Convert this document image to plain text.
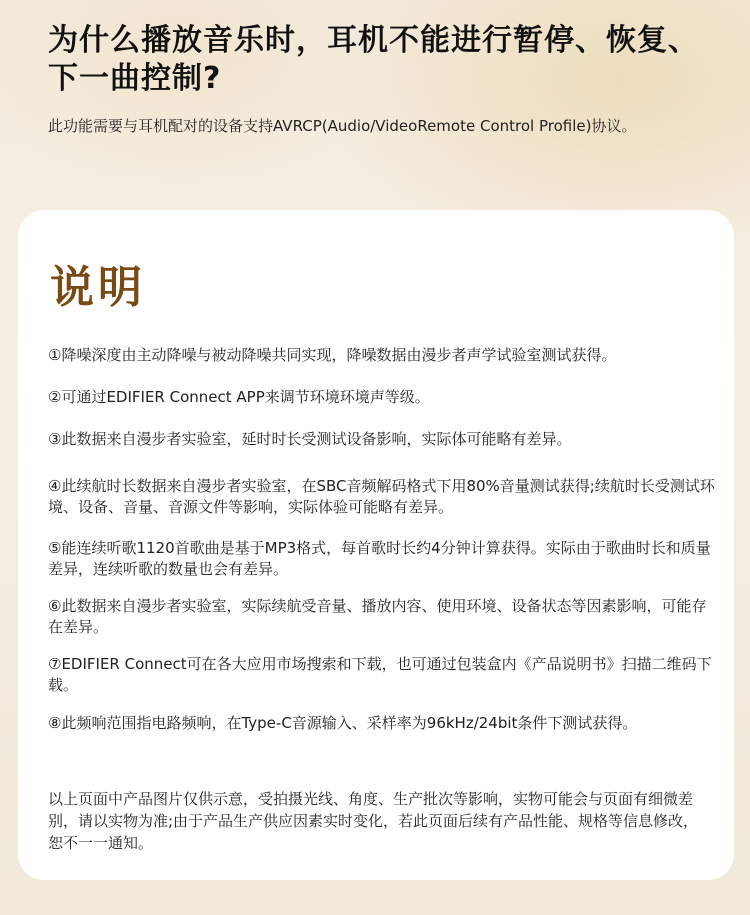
为什么播放音乐时，耳机不能进行暂停、恢复、下一曲控制?
此功能需要与耳机配对的设备支持AVRCP(Audio/VideoRemote Control Profile)协议。
说明
①降噪深度由主动降噪与被动降噪共同实现，降噪数据由漫步者声学试验室测试获得。
②可通过EDIFIER Connect APP来调节环境环境声等级。
③此数据来自漫步者实验室，延时时长受测试设备影响，实际体可能略有差异。
④此续航时长数据来自漫步者实验室，在SBC音频解码格式下用80%音量测试获得;续航时长受测试环境、设备、音量、音源文件等影响，实际体验可能略有差异。
⑤能连续听歌1120首歌曲是基于MP3格式，每首歌时长约4分钟计算获得。实际由于歌曲时长和质量差异，连续听歌的数量也会有差异。
⑥此数据来自漫步者实验室，实际续航受音量、播放内容、使用环境、设备状态等因素影响，可能存在差异。
⑦EDIFIER Connect可在各大应用市场搜索和下载，也可通过包装盒内《产品说明书》扫描二维码下载。
⑧此频响范围指电路频响，在Type-C音源输入、采样率为96kHz/24bit条件下测试获得。
以上页面中产品图片仅供示意，受拍摄光线、角度、生产批次等影响，实物可能会与页面有细微差别，请以实物为准;由于产品生产供应因素实时变化，若此页面后续有产品性能、规格等信息修改，恕不一一通知。
